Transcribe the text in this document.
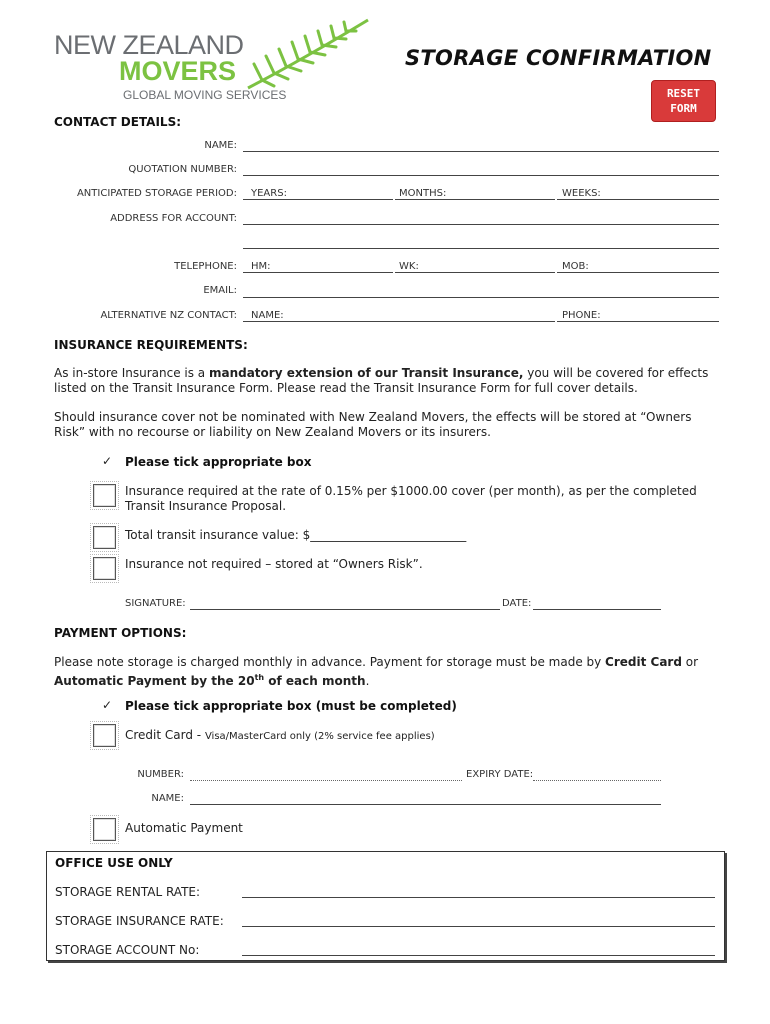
NEW ZEALAND
MOVERS
GLOBAL MOVING SERVICES
STORAGE CONFIRMATION
RESET
FORM
CONTACT DETAILS:
NAME:
QUOTATION NUMBER:
ANTICIPATED STORAGE PERIOD: YEARS:	MONTHS:	WEEKS:
ADDRESS FOR ACCOUNT:
TELEPHONE: HM:	WK:	MOB:
EMAIL:
ALTERNATIVE NZ CONTACT: NAME:	PHONE:
INSURANCE REQUIREMENTS:
As in-store Insurance is a mandatory extension of our Transit Insurance, you will be covered for effects listed on the Transit Insurance Form. Please read the Transit Insurance Form for full cover details.
Should insurance cover not be nominated with New Zealand Movers, the effects will be stored at “Owners Risk” with no recourse or liability on New Zealand Movers or its insurers.
✓ Please tick appropriate box
Insurance required at the rate of 0.15% per $1000.00 cover (per month), as per the completed Transit Insurance Proposal.
Total transit insurance value: $__________________________
Insurance not required – stored at “Owners Risk”.
SIGNATURE:	DATE:
PAYMENT OPTIONS:
Please note storage is charged monthly in advance. Payment for storage must be made by Credit Card or Automatic Payment by the 20th of each month.
✓ Please tick appropriate box (must be completed)
Credit Card - Visa/MasterCard only (2% service fee applies)
NUMBER:	EXPIRY DATE:
NAME:
Automatic Payment
OFFICE USE ONLY
STORAGE RENTAL RATE:
STORAGE INSURANCE RATE:
STORAGE ACCOUNT No:
